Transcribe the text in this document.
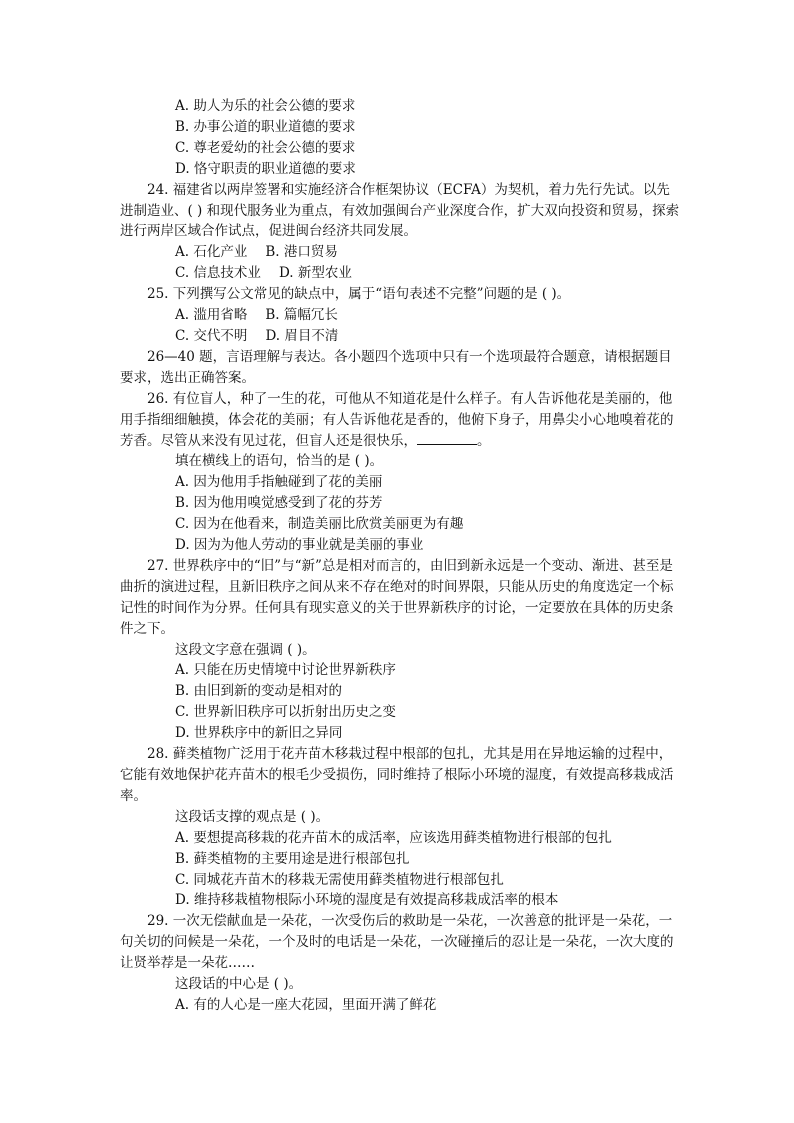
A. 助人为乐的社会公德的要求
B. 办事公道的职业道德的要求
C. 尊老爱幼的社会公德的要求
D. 恪守职责的职业道德的要求
24. 福建省以两岸签署和实施经济合作框架协议（ECFA）为契机，着力先行先试。以先进制造业、( ) 和现代服务业为重点，有效加强闽台产业深度合作，扩大双向投资和贸易，探索进行两岸区域合作试点，促进闽台经济共同发展。
A. 石化产业 B. 港口贸易
C. 信息技术业 D. 新型农业
25. 下列撰写公文常见的缺点中，属于“语句表述不完整”问题的是 ( )。
A. 滥用省略 B. 篇幅冗长
C. 交代不明 D. 眉目不清
26—40 题，言语理解与表达。各小题四个选项中只有一个选项最符合题意，请根据题目要求，选出正确答案。
26. 有位盲人，种了一生的花，可他从不知道花是什么样子。有人告诉他花是美丽的，他用手指细细触摸，体会花的美丽；有人告诉他花是香的，他俯下身子，用鼻尖小心地嗅着花的芳香。尽管从来没有见过花，但盲人还是很快乐，	。
填在横线上的语句，恰当的是 ( )。
A. 因为他用手指触碰到了花的美丽
B. 因为他用嗅觉感受到了花的芬芳
C. 因为在他看来，制造美丽比欣赏美丽更为有趣
D. 因为为他人劳动的事业就是美丽的事业
27. 世界秩序中的“旧”与“新”总是相对而言的，由旧到新永远是一个变动、渐进、甚至是曲折的演进过程，且新旧秩序之间从来不存在绝对的时间界限，只能从历史的角度选定一个标记性的时间作为分界。任何具有现实意义的关于世界新秩序的讨论，一定要放在具体的历史条件之下。
这段文字意在强调 ( )。
A. 只能在历史情境中讨论世界新秩序
B. 由旧到新的变动是相对的
C. 世界新旧秩序可以折射出历史之变
D. 世界秩序中的新旧之异同
28. 藓类植物广泛用于花卉苗木移栽过程中根部的包扎，尤其是用在异地运输的过程中，它能有效地保护花卉苗木的根毛少受损伤，同时维持了根际小环境的湿度，有效提高移栽成活率。
这段话支撑的观点是 ( )。
A. 要想提高移栽的花卉苗木的成活率，应该选用藓类植物进行根部的包扎
B. 藓类植物的主要用途是进行根部包扎
C. 同城花卉苗木的移栽无需使用藓类植物进行根部包扎
D. 维持移栽植物根际小环境的湿度是有效提高移栽成活率的根本
29. 一次无偿献血是一朵花，一次受伤后的救助是一朵花，一次善意的批评是一朵花，一句关切的问候是一朵花，一个及时的电话是一朵花，一次碰撞后的忍让是一朵花，一次大度的让贤举荐是一朵花……
这段话的中心是 ( )。
A. 有的人心是一座大花园，里面开满了鲜花
